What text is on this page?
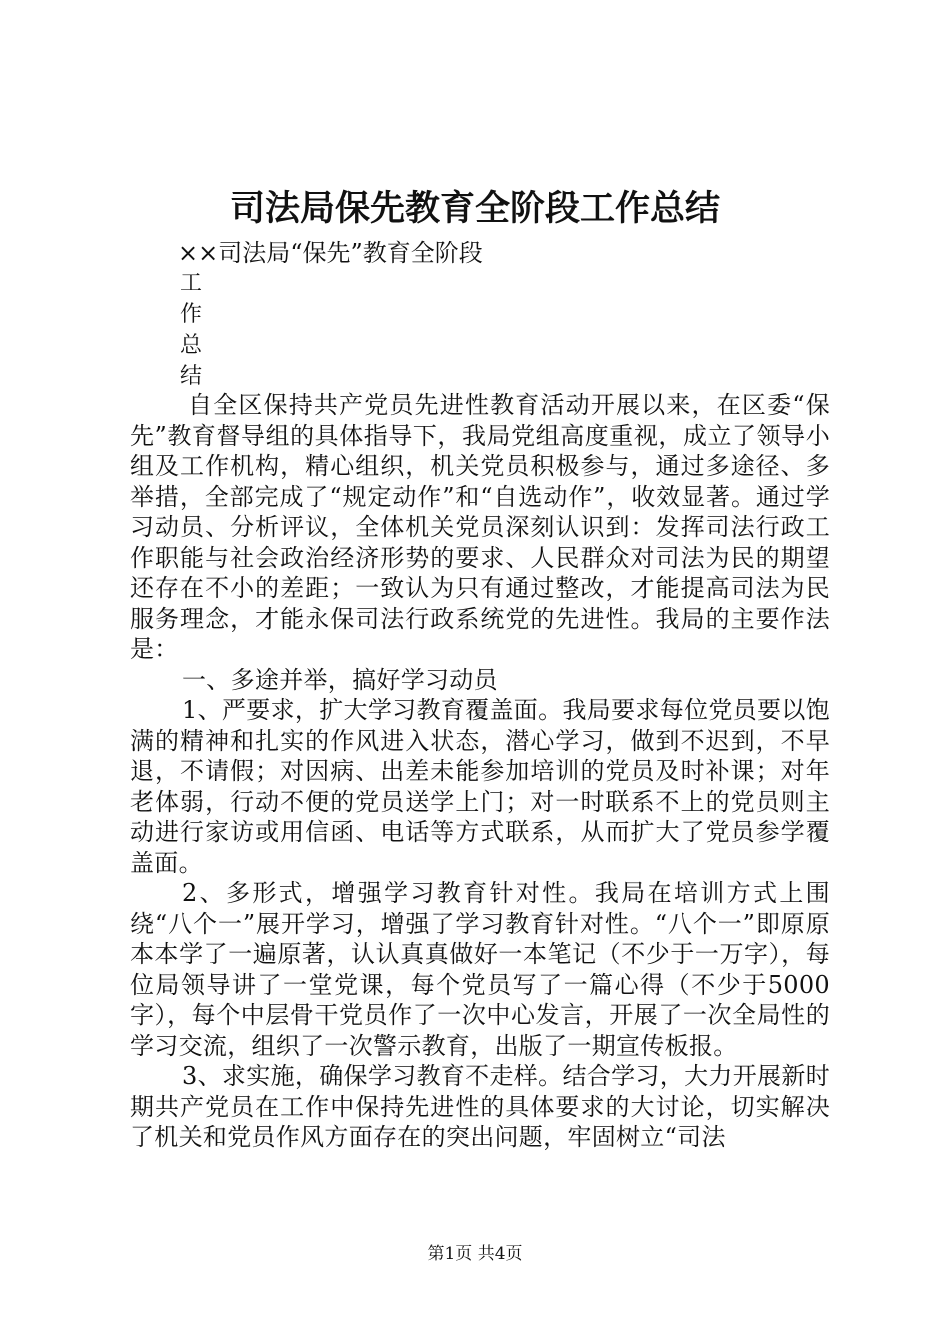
司法局保先教育全阶段工作总结
××司法局“保先”教育全阶段
工
作
总
结

自全区保持共产党员先进性教育活动开展以来，在区委“保先”教育督导组的具体指导下，我局党组高度重视，成立了领导小组及工作机构，精心组织，机关党员积极参与，通过多途径、多举措，全部完成了“规定动作”和“自选动作”，收效显著。通过学习动员、分析评议，全体机关党员深刻认识到：发挥司法行政工作职能与社会政治经济形势的要求、人民群众对司法为民的期望还存在不小的差距；一致认为只有通过整改，才能提高司法为民服务理念，才能永保司法行政系统党的先进性。我局的主要作法是：

一、多途并举，搞好学习动员

1、严要求，扩大学习教育覆盖面。我局要求每位党员要以饱满的精神和扎实的作风进入状态，潜心学习，做到不迟到，不早退，不请假；对因病、出差未能参加培训的党员及时补课；对年老体弱，行动不便的党员送学上门；对一时联系不上的党员则主动进行家访或用信函、电话等方式联系，从而扩大了党员参学覆盖面。

2、多形式，增强学习教育针对性。我局在培训方式上围绕“八个一”展开学习，增强了学习教育针对性。“八个一”即原原本本学了一遍原著，认认真真做好一本笔记（不少于一万字），每位局领导讲了一堂党课，每个党员写了一篇心得（不少于5000字），每个中层骨干党员作了一次中心发言，开展了一次全局性的学习交流，组织了一次警示教育，出版了一期宣传板报。

3、求实施，确保学习教育不走样。结合学习，大力开展新时期共产党员在工作中保持先进性的具体要求的大讨论，切实解决了机关和党员作风方面存在的突出问题，牢固树立“司法

第1页 共4页
